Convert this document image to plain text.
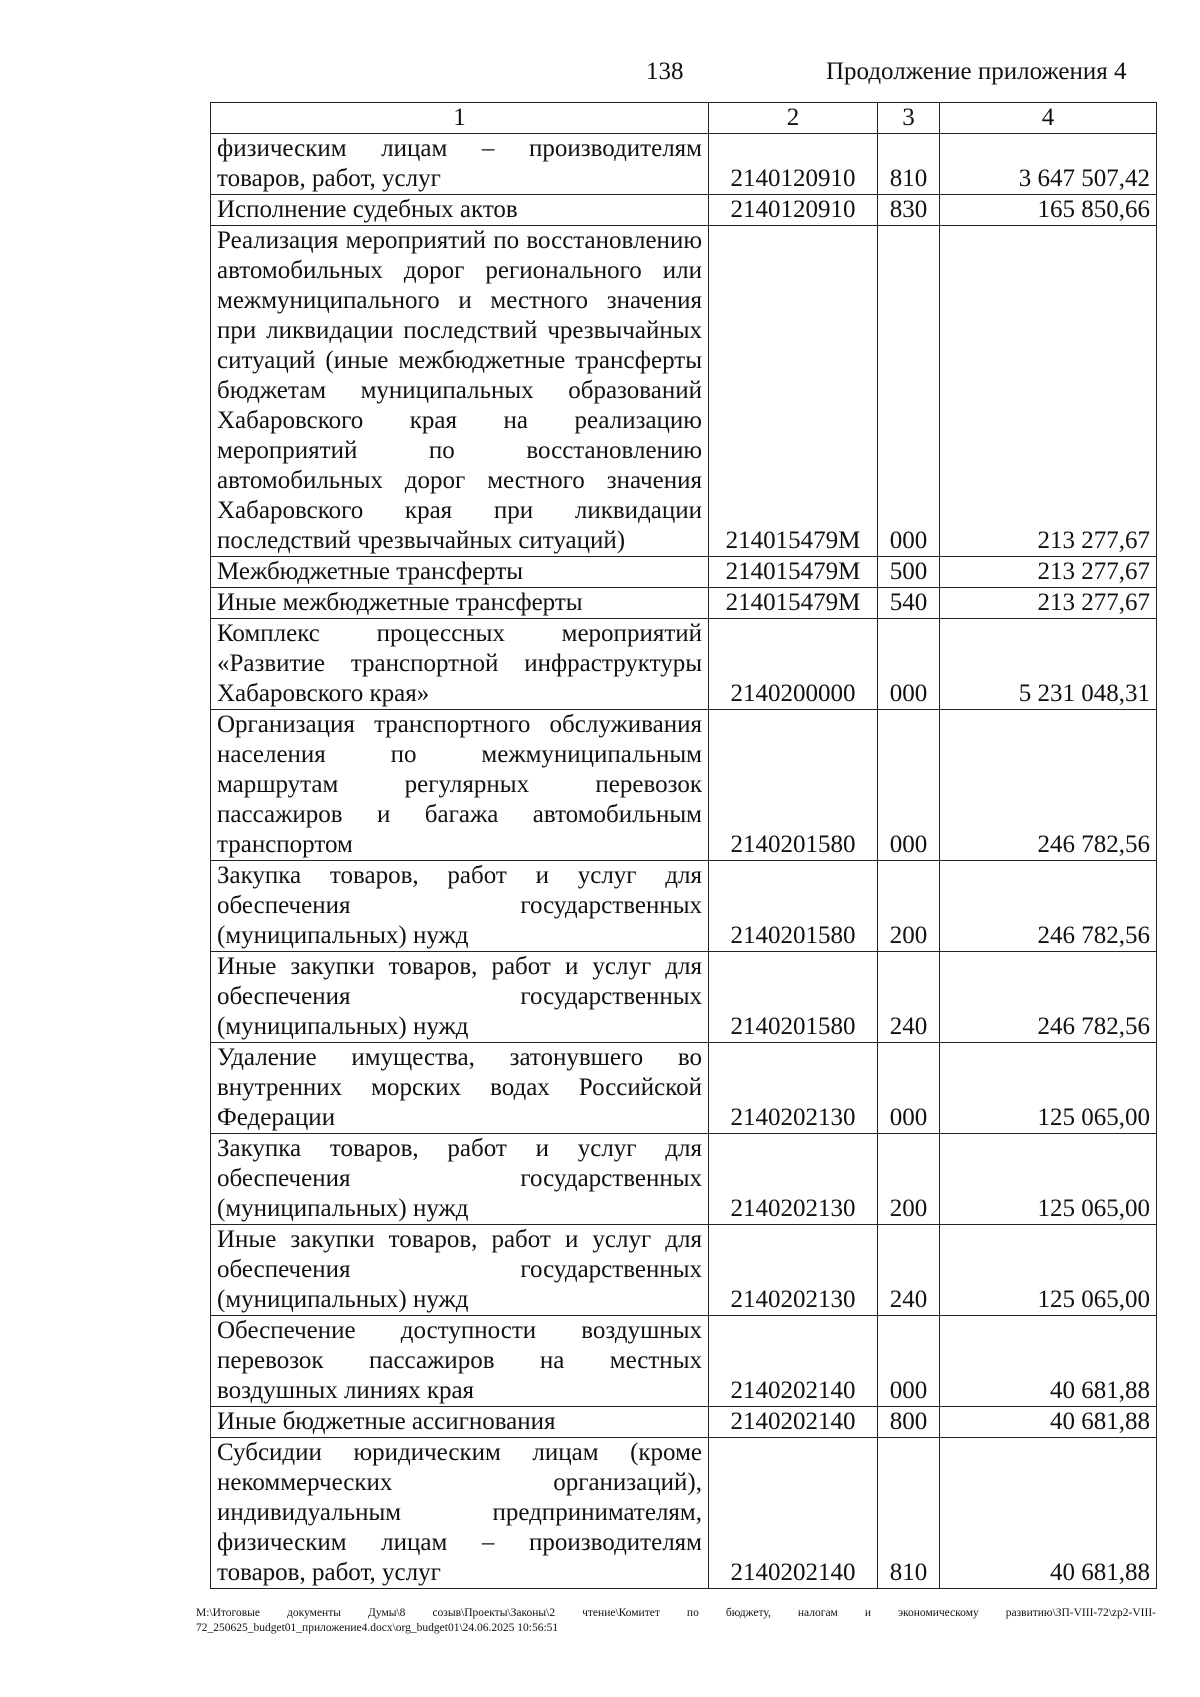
138	Продолжение приложения 4
1	2	3	4
физическим лицам – производителям товаров, работ, услуг	2140120910	810	3 647 507,42
Исполнение судебных актов	2140120910	830	165 850,66
Реализация мероприятий по восстановлению автомобильных дорог регионального или межмуниципального и местного значения при ликвидации последствий чрезвычайных ситуаций (иные межбюджетные трансферты бюджетам муниципальных образований Хабаровского края на реализацию мероприятий по восстановлению автомобильных дорог местного значения Хабаровского края при ликвидации последствий чрезвычайных ситуаций)	214015479М	000	213 277,67
Межбюджетные трансферты	214015479М	500	213 277,67
Иные межбюджетные трансферты	214015479М	540	213 277,67
Комплекс процессных мероприятий «Развитие транспортной инфраструктуры Хабаровского края»	2140200000	000	5 231 048,31
Организация транспортного обслуживания населения по межмуниципальным маршрутам регулярных перевозок пассажиров и багажа автомобильным транспортом	2140201580	000	246 782,56
Закупка товаров, работ и услуг для обеспечения государственных (муниципальных) нужд	2140201580	200	246 782,56
Иные закупки товаров, работ и услуг для обеспечения государственных (муниципальных) нужд	2140201580	240	246 782,56
Удаление имущества, затонувшего во внутренних морских водах Российской Федерации	2140202130	000	125 065,00
Закупка товаров, работ и услуг для обеспечения государственных (муниципальных) нужд	2140202130	200	125 065,00
Иные закупки товаров, работ и услуг для обеспечения государственных (муниципальных) нужд	2140202130	240	125 065,00
Обеспечение доступности воздушных перевозок пассажиров на местных воздушных линиях края	2140202140	000	40 681,88
Иные бюджетные ассигнования	2140202140	800	40 681,88
Субсидии юридическим лицам (кроме некоммерческих организаций), индивидуальным предпринимателям, физическим лицам – производителям товаров, работ, услуг	2140202140	810	40 681,88
M:\Итоговые документы Думы\8 созыв\Проекты\Законы\2 чтение\Комитет по бюджету, налогам и экономическому развитию\ЗП-VIII-72\zp2-VIII-72_250625_budget01_приложение4.docx\org_budget01\24.06.2025 10:56:51
